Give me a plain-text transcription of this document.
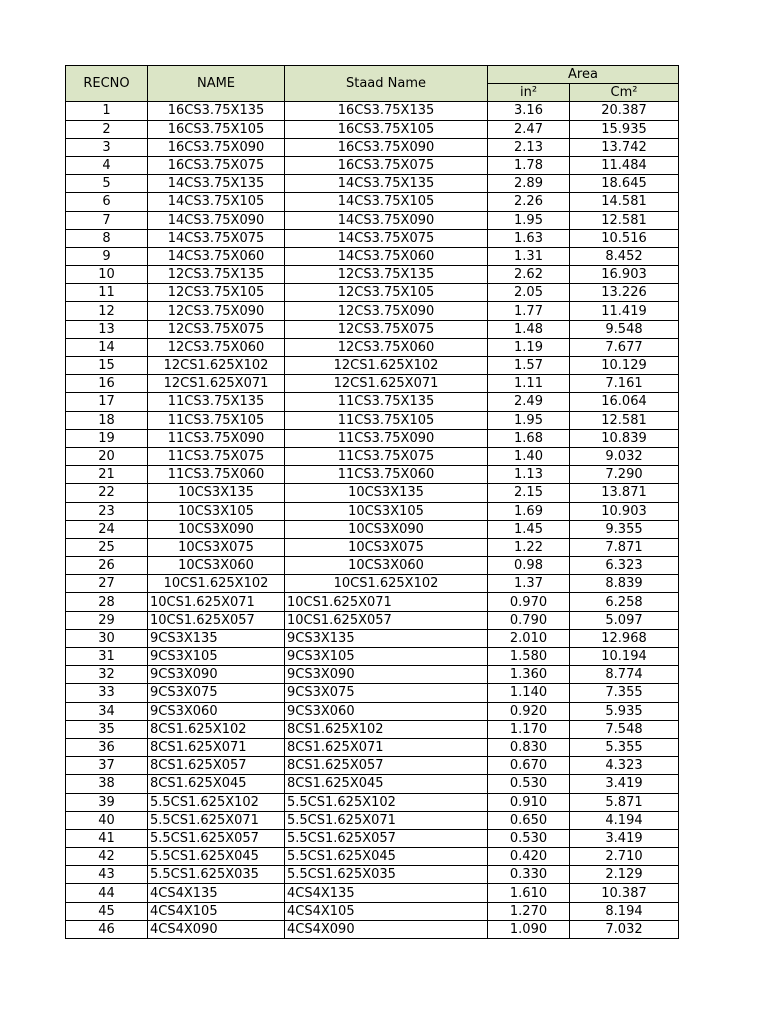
RECNO	NAME	Staad Name	Area	
			in²	Cm²
1	16CS3.75X135	16CS3.75X135	3.16	20.387
2	16CS3.75X105	16CS3.75X105	2.47	15.935
3	16CS3.75X090	16CS3.75X090	2.13	13.742
4	16CS3.75X075	16CS3.75X075	1.78	11.484
5	14CS3.75X135	14CS3.75X135	2.89	18.645
6	14CS3.75X105	14CS3.75X105	2.26	14.581
7	14CS3.75X090	14CS3.75X090	1.95	12.581
8	14CS3.75X075	14CS3.75X075	1.63	10.516
9	14CS3.75X060	14CS3.75X060	1.31	8.452
10	12CS3.75X135	12CS3.75X135	2.62	16.903
11	12CS3.75X105	12CS3.75X105	2.05	13.226
12	12CS3.75X090	12CS3.75X090	1.77	11.419
13	12CS3.75X075	12CS3.75X075	1.48	9.548
14	12CS3.75X060	12CS3.75X060	1.19	7.677
15	12CS1.625X102	12CS1.625X102	1.57	10.129
16	12CS1.625X071	12CS1.625X071	1.11	7.161
17	11CS3.75X135	11CS3.75X135	2.49	16.064
18	11CS3.75X105	11CS3.75X105	1.95	12.581
19	11CS3.75X090	11CS3.75X090	1.68	10.839
20	11CS3.75X075	11CS3.75X075	1.40	9.032
21	11CS3.75X060	11CS3.75X060	1.13	7.290
22	10CS3X135	10CS3X135	2.15	13.871
23	10CS3X105	10CS3X105	1.69	10.903
24	10CS3X090	10CS3X090	1.45	9.355
25	10CS3X075	10CS3X075	1.22	7.871
26	10CS3X060	10CS3X060	0.98	6.323
27	10CS1.625X102	10CS1.625X102	1.37	8.839
28	10CS1.625X071	10CS1.625X071	0.970	6.258
29	10CS1.625X057	10CS1.625X057	0.790	5.097
30	9CS3X135	9CS3X135	2.010	12.968
31	9CS3X105	9CS3X105	1.580	10.194
32	9CS3X090	9CS3X090	1.360	8.774
33	9CS3X075	9CS3X075	1.140	7.355
34	9CS3X060	9CS3X060	0.920	5.935
35	8CS1.625X102	8CS1.625X102	1.170	7.548
36	8CS1.625X071	8CS1.625X071	0.830	5.355
37	8CS1.625X057	8CS1.625X057	0.670	4.323
38	8CS1.625X045	8CS1.625X045	0.530	3.419
39	5.5CS1.625X102	5.5CS1.625X102	0.910	5.871
40	5.5CS1.625X071	5.5CS1.625X071	0.650	4.194
41	5.5CS1.625X057	5.5CS1.625X057	0.530	3.419
42	5.5CS1.625X045	5.5CS1.625X045	0.420	2.710
43	5.5CS1.625X035	5.5CS1.625X035	0.330	2.129
44	4CS4X135	4CS4X135	1.610	10.387
45	4CS4X105	4CS4X105	1.270	8.194
46	4CS4X090	4CS4X090	1.090	7.032
